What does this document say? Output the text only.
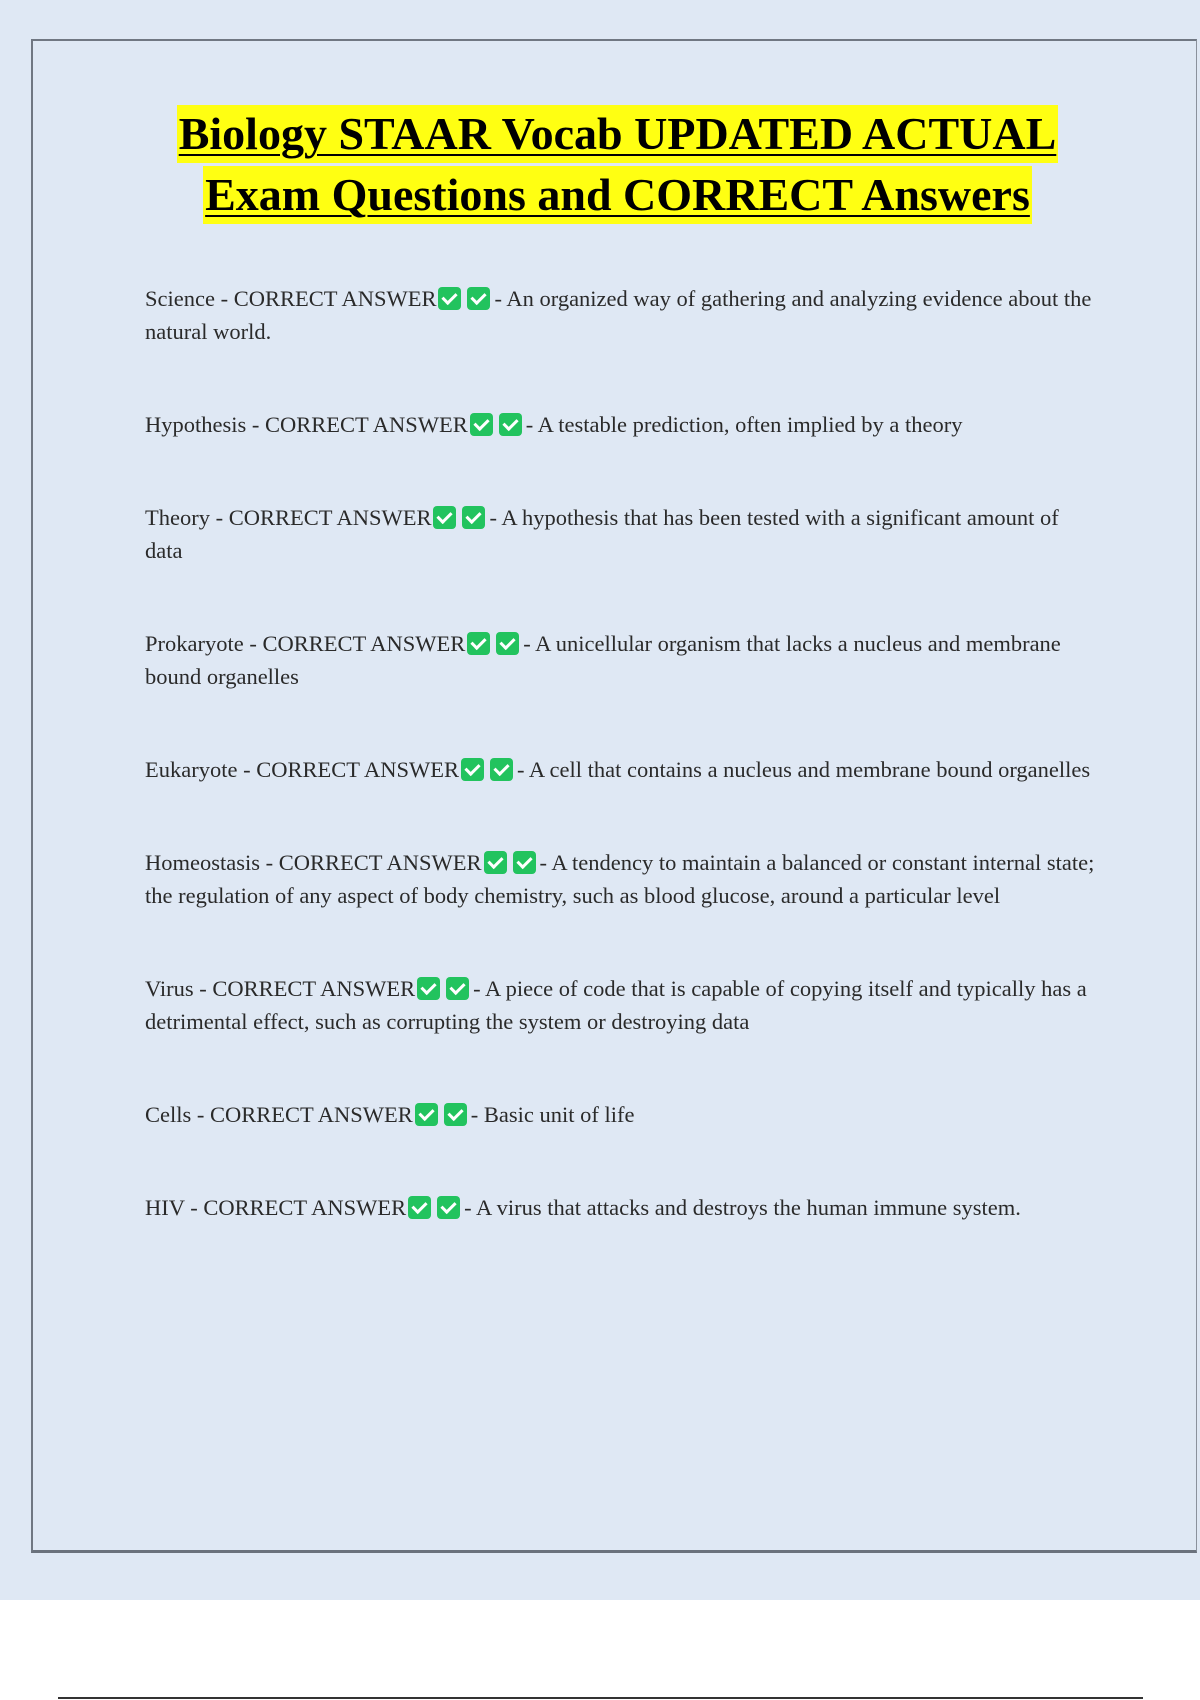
Biology STAAR Vocab UPDATED ACTUAL
Exam Questions and CORRECT Answers

Science - CORRECT ANSWER	- An organized way of gathering and analyzing evidence about the natural world.

Hypothesis - CORRECT ANSWER	- A testable prediction, often implied by a theory

Theory - CORRECT ANSWER	- A hypothesis that has been tested with a significant amount of data

Prokaryote - CORRECT ANSWER	- A unicellular organism that lacks a nucleus and membrane bound organelles

Eukaryote - CORRECT ANSWER	- A cell that contains a nucleus and membrane bound organelles

Homeostasis - CORRECT ANSWER	- A tendency to maintain a balanced or constant internal state; the regulation of any aspect of body chemistry, such as blood glucose, around a particular level

Virus - CORRECT ANSWER	- A piece of code that is capable of copying itself and typically has a detrimental effect, such as corrupting the system or destroying data

Cells - CORRECT ANSWER	- Basic unit of life

HIV - CORRECT ANSWER	- A virus that attacks and destroys the human immune system.
